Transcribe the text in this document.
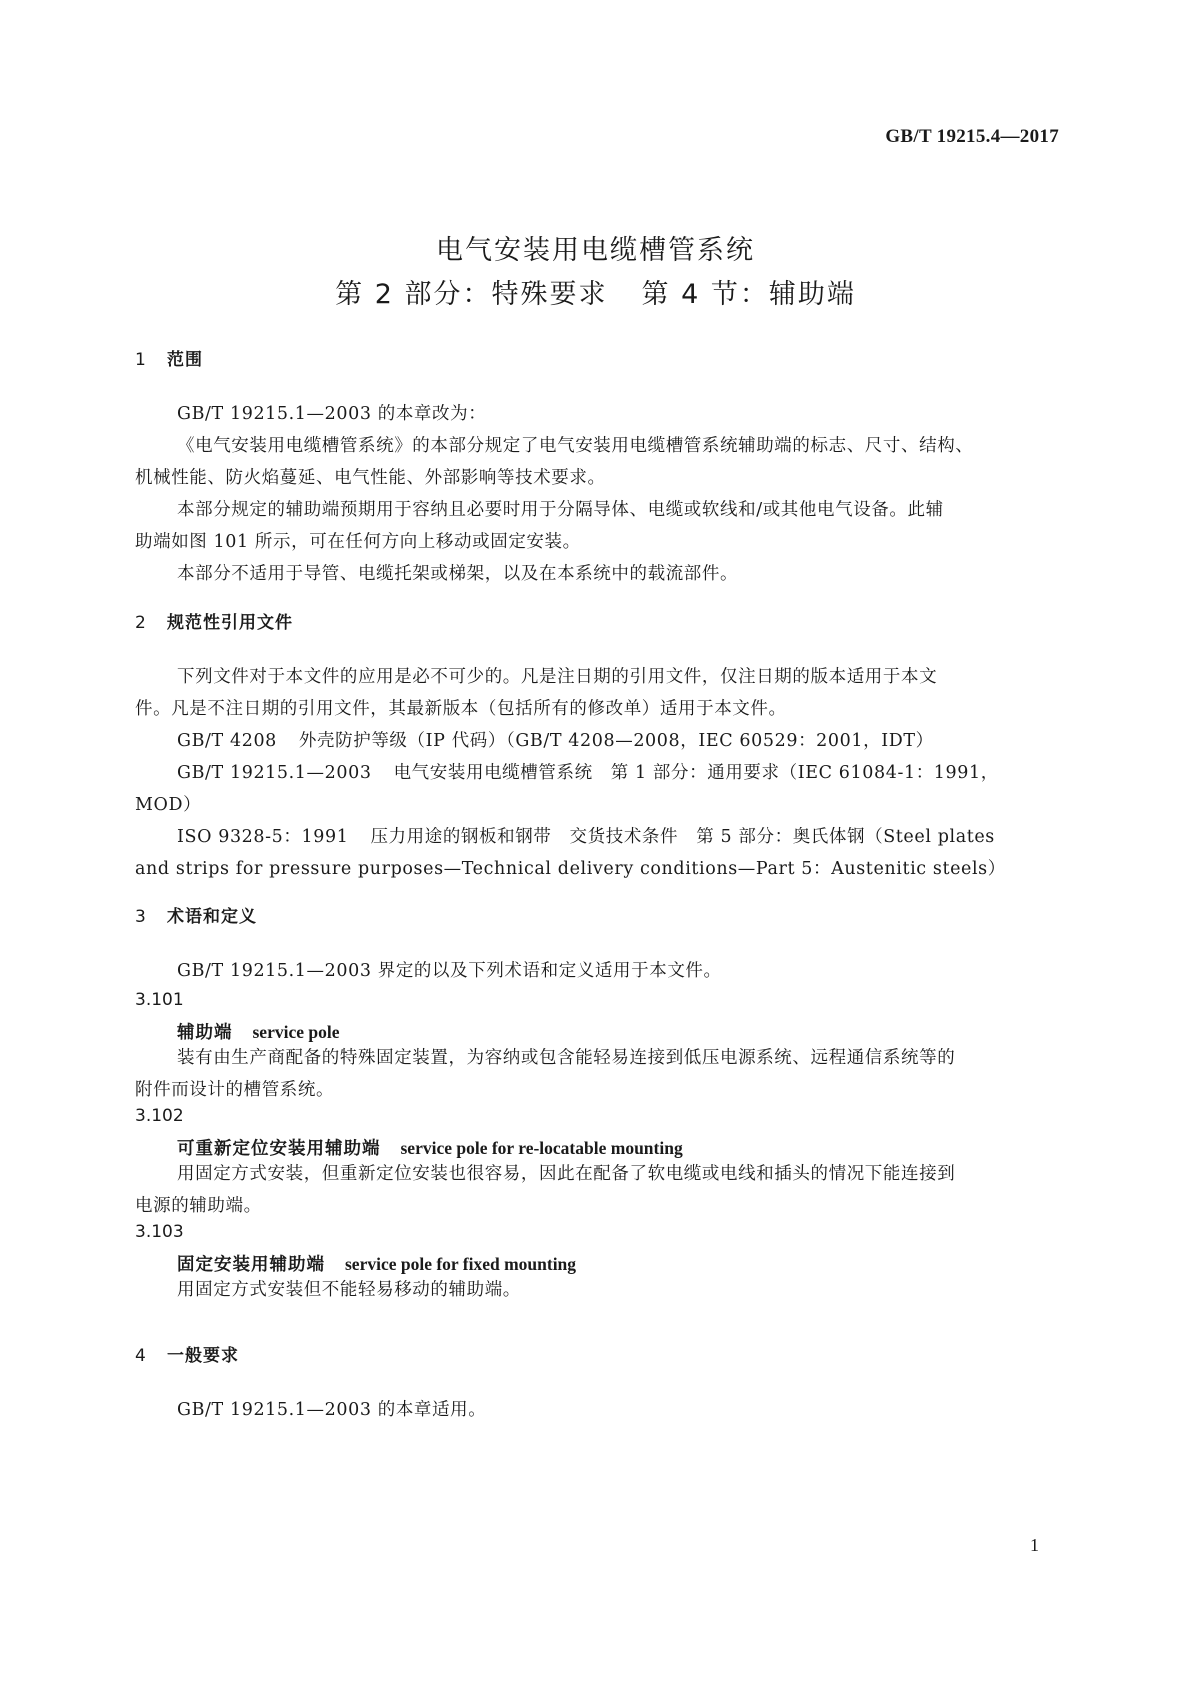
GB/T 19215.4—2017
电气安装用电缆槽管系统
第 2 部分：特殊要求 第 4 节：辅助端
1 范围
GB/T 19215.1—2003 的本章改为：
《电气安装用电缆槽管系统》的本部分规定了电气安装用电缆槽管系统辅助端的标志、尺寸、结构、
机械性能、防火焰蔓延、电气性能、外部影响等技术要求。
本部分规定的辅助端预期用于容纳且必要时用于分隔导体、电缆或软线和/或其他电气设备。此辅
助端如图 101 所示，可在任何方向上移动或固定安装。
本部分不适用于导管、电缆托架或梯架，以及在本系统中的载流部件。
2 规范性引用文件
下列文件对于本文件的应用是必不可少的。凡是注日期的引用文件，仅注日期的版本适用于本文
件。凡是不注日期的引用文件，其最新版本（包括所有的修改单）适用于本文件。
GB/T 4208 外壳防护等级（IP 代码）（GB/T 4208—2008，IEC 60529：2001，IDT）
GB/T 19215.1—2003 电气安装用电缆槽管系统　第 1 部分：通用要求（IEC 61084-1：1991，
MOD）
ISO 9328-5：1991 压力用途的钢板和钢带　交货技术条件　第 5 部分：奥氏体钢（Steel plates
and strips for pressure purposes—Technical delivery conditions—Part 5：Austenitic steels）
3 术语和定义
GB/T 19215.1—2003 界定的以及下列术语和定义适用于本文件。
3.101
辅助端 service pole
装有由生产商配备的特殊固定装置，为容纳或包含能轻易连接到低压电源系统、远程通信系统等的
附件而设计的槽管系统。
3.102
可重新定位安装用辅助端 service pole for re-locatable mounting
用固定方式安装，但重新定位安装也很容易，因此在配备了软电缆或电线和插头的情况下能连接到
电源的辅助端。
3.103
固定安装用辅助端 service pole for fixed mounting
用固定方式安装但不能轻易移动的辅助端。
4 一般要求
GB/T 19215.1—2003 的本章适用。
1
